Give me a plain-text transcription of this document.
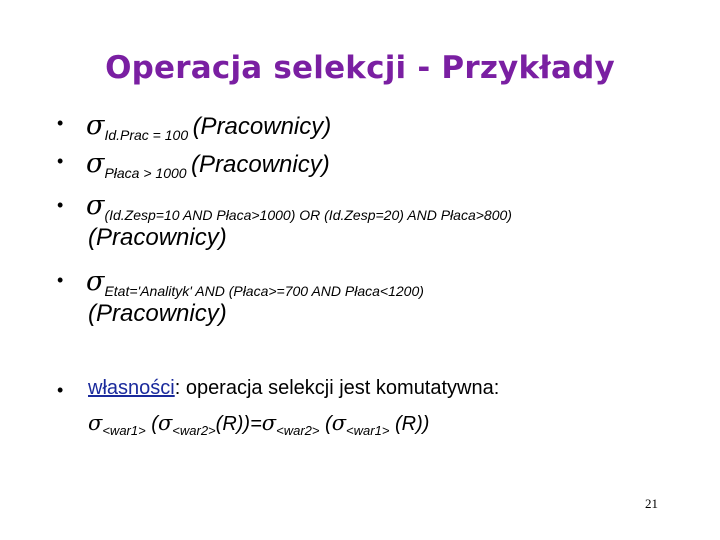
Operacja selekcji - Przykłady
• σId.Prac = 100 (Pracownicy)
• σPłaca > 1000 (Pracownicy)
• σ(Id.Zesp=10 AND Płaca>1000) OR (Id.Zesp=20) AND Płaca>800)
(Pracownicy)
• σEtat='Analityk' AND (Płaca>=700 AND Płaca<1200)
(Pracownicy)
• własności: operacja selekcji jest komutatywna:
$\sigma_{<war1>}$ $(\sigma_{<war2>}(R))=\sigma_{<war2>}$ ($\sigma_{<war1>}$ (R))
21
